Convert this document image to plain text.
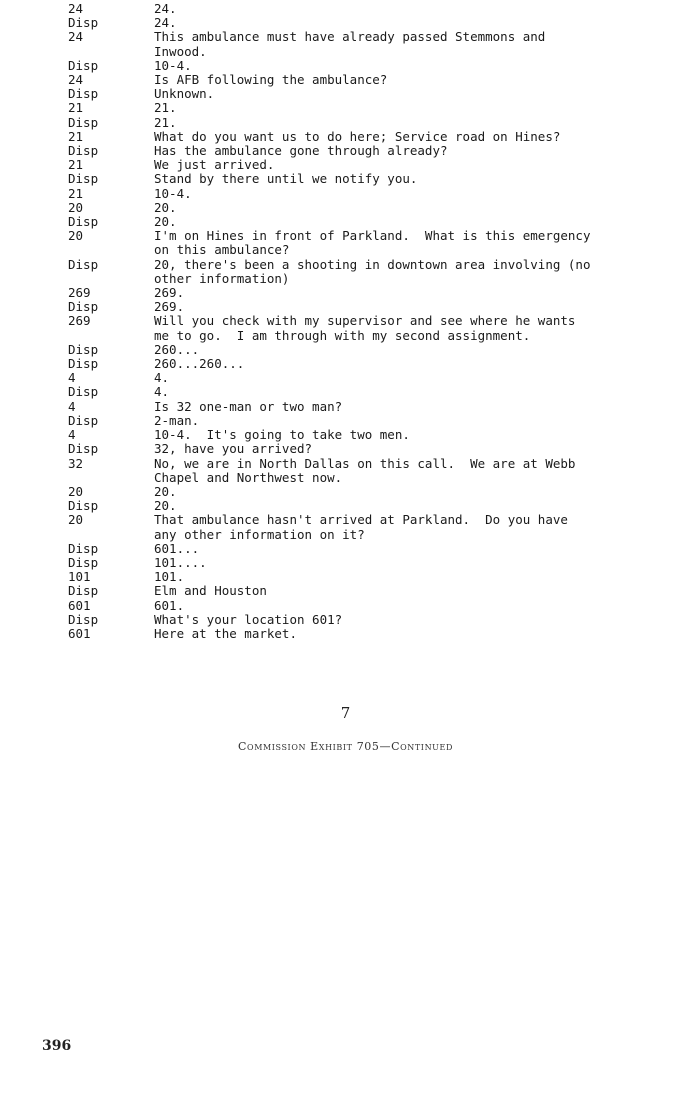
24	24.
Disp	24.
24	This ambulance must have already passed Stemmons and
Inwood.
Disp	10-4.
24	Is AFB following the ambulance?
Disp	Unknown.
21	21.
Disp	21.
21	What do you want us to do here; Service road on Hines?
Disp	Has the ambulance gone through already?
21	We just arrived.
Disp	Stand by there until we notify you.
21	10-4.
20	20.
Disp	20.
20	I'm on Hines in front of Parkland.  What is this emergency
on this ambulance?
Disp	20, there's been a shooting in downtown area involving (no
other information)
269	269.
Disp	269.
269	Will you check with my supervisor and see where he wants
me to go.  I am through with my second assignment.
Disp	260...
Disp	260...260...
4	4.
Disp	4.
4	Is 32 one-man or two man?
Disp	2-man.
4	10-4.  It's going to take two men.
Disp	32, have you arrived?
32	No, we are in North Dallas on this call.  We are at Webb
Chapel and Northwest now.
20	20.
Disp	20.
20	That ambulance hasn't arrived at Parkland.  Do you have
any other information on it?
Disp	601...
Disp	101....
101	101.
Disp	Elm and Houston
601	601.
Disp	What's your location 601?
601	Here at the market.
7
Commission Exhibit 705—Continued
396
